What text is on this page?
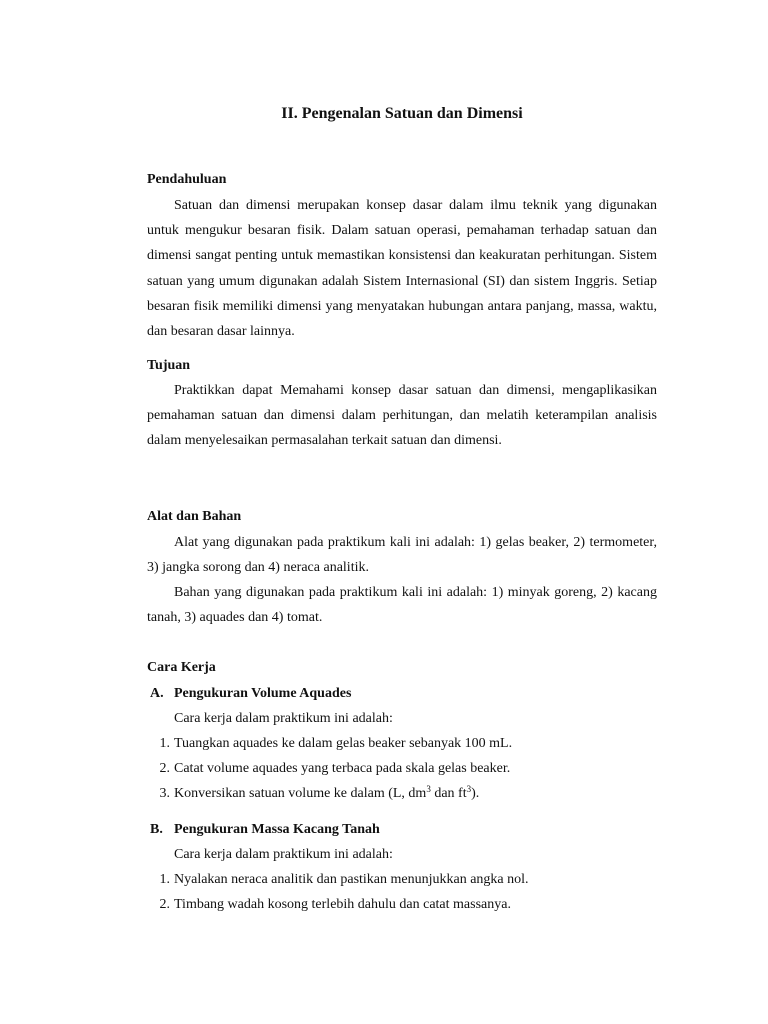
II. Pengenalan Satuan dan Dimensi
Pendahuluan

Satuan dan dimensi merupakan konsep dasar dalam ilmu teknik yang digunakan untuk mengukur besaran fisik. Dalam satuan operasi, pemahaman terhadap satuan dan dimensi sangat penting untuk memastikan konsistensi dan keakuratan perhitungan. Sistem satuan yang umum digunakan adalah Sistem Internasional (SI) dan sistem Inggris. Setiap besaran fisik memiliki dimensi yang menyatakan hubungan antara panjang, massa, waktu, dan besaran dasar lainnya.

Tujuan

Praktikkan dapat Memahami konsep dasar satuan dan dimensi, mengaplikasikan pemahaman satuan dan dimensi dalam perhitungan, dan melatih keterampilan analisis dalam menyelesaikan permasalahan terkait satuan dan dimensi.

Alat dan Bahan

Alat yang digunakan pada praktikum kali ini adalah: 1) gelas beaker, 2) termometer, 3) jangka sorong dan 4) neraca analitik.

Bahan yang digunakan pada praktikum kali ini adalah: 1) minyak goreng, 2) kacang tanah, 3) aquades dan 4) tomat.

Cara Kerja
A. Pengukuran Volume Aquades

Cara kerja dalam praktikum ini adalah:

1. Tuangkan aquades ke dalam gelas beaker sebanyak 100 mL.

2. Catat volume aquades yang terbaca pada skala gelas beaker.

3. Konversikan satuan volume ke dalam (L, $dm^3$ dan $ft^3$).

B. Pengukuran Massa Kacang Tanah

Cara kerja dalam praktikum ini adalah:

1. Nyalakan neraca analitik dan pastikan menunjukkan angka nol.

2. Timbang wadah kosong terlebih dahulu dan catat massanya.
